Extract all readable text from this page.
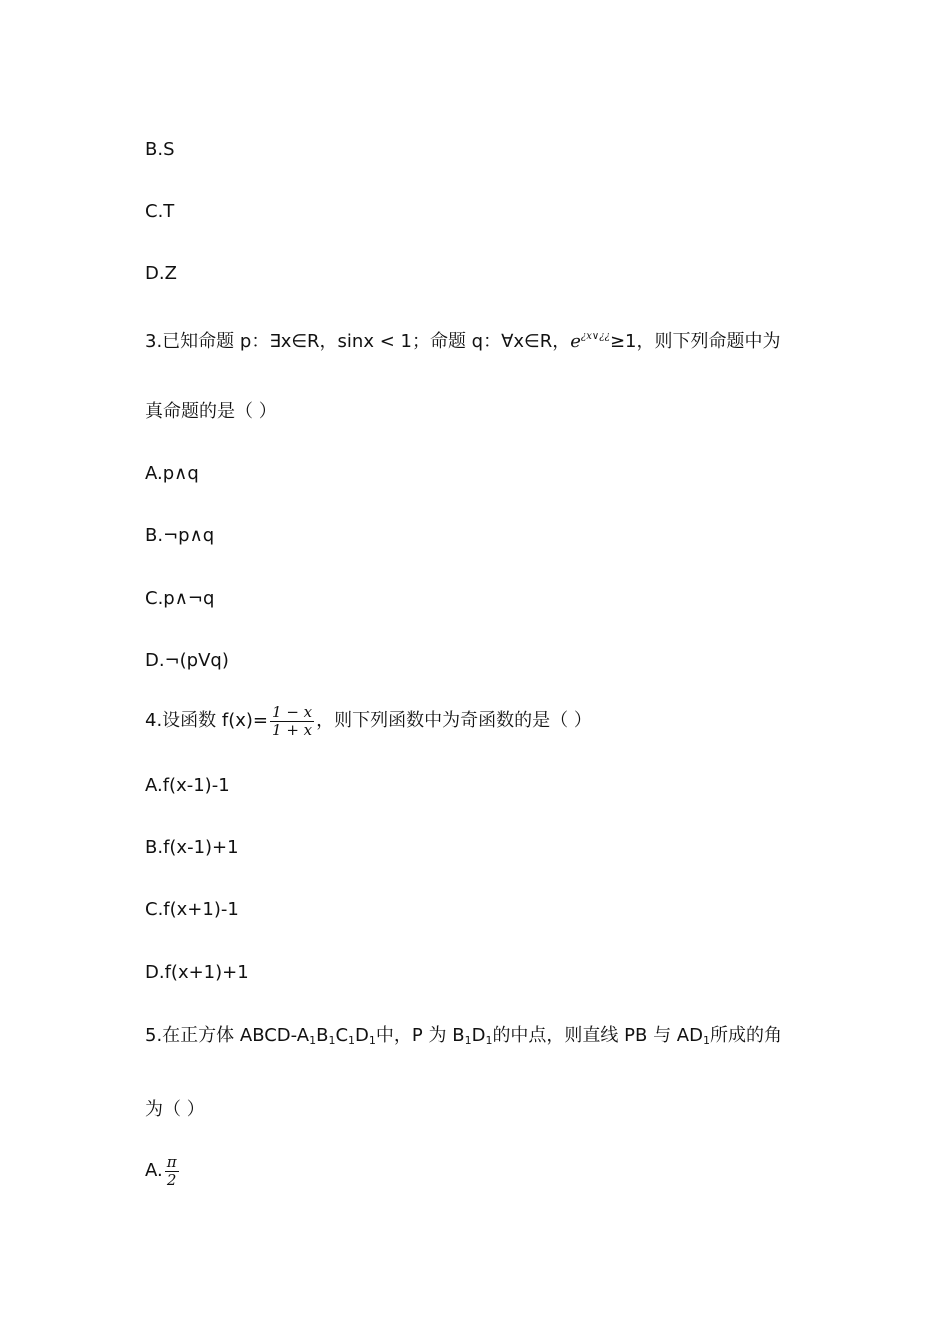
B.S
C.T
D.Z
3.已知命题 p：∃x∈R，sinx < 1；命题 q：∀x∈R，$e^{¿x\vee¿¿}\ge 1$，则下列命题中为
真命题的是（ ）
A.p∧q
B.¬p∧q
C.p∧¬q
D.¬(pVq)
4.设函数 $f(x)= \frac{1 - x}{1 + x}$ ，则下列函数中为奇函数的是（ ）
A.f(x-1)-1
B.f(x-1)+1
C.f(x+1)-1
D.f(x+1)+1
5.在正方体 ABCD-$A_1B_1C_1D_1$中，P 为 $B_1D_1$的中点，则直线 PB 与 $AD_1$所成的角
为（ ）
A. $\frac{\pi}{2}$
